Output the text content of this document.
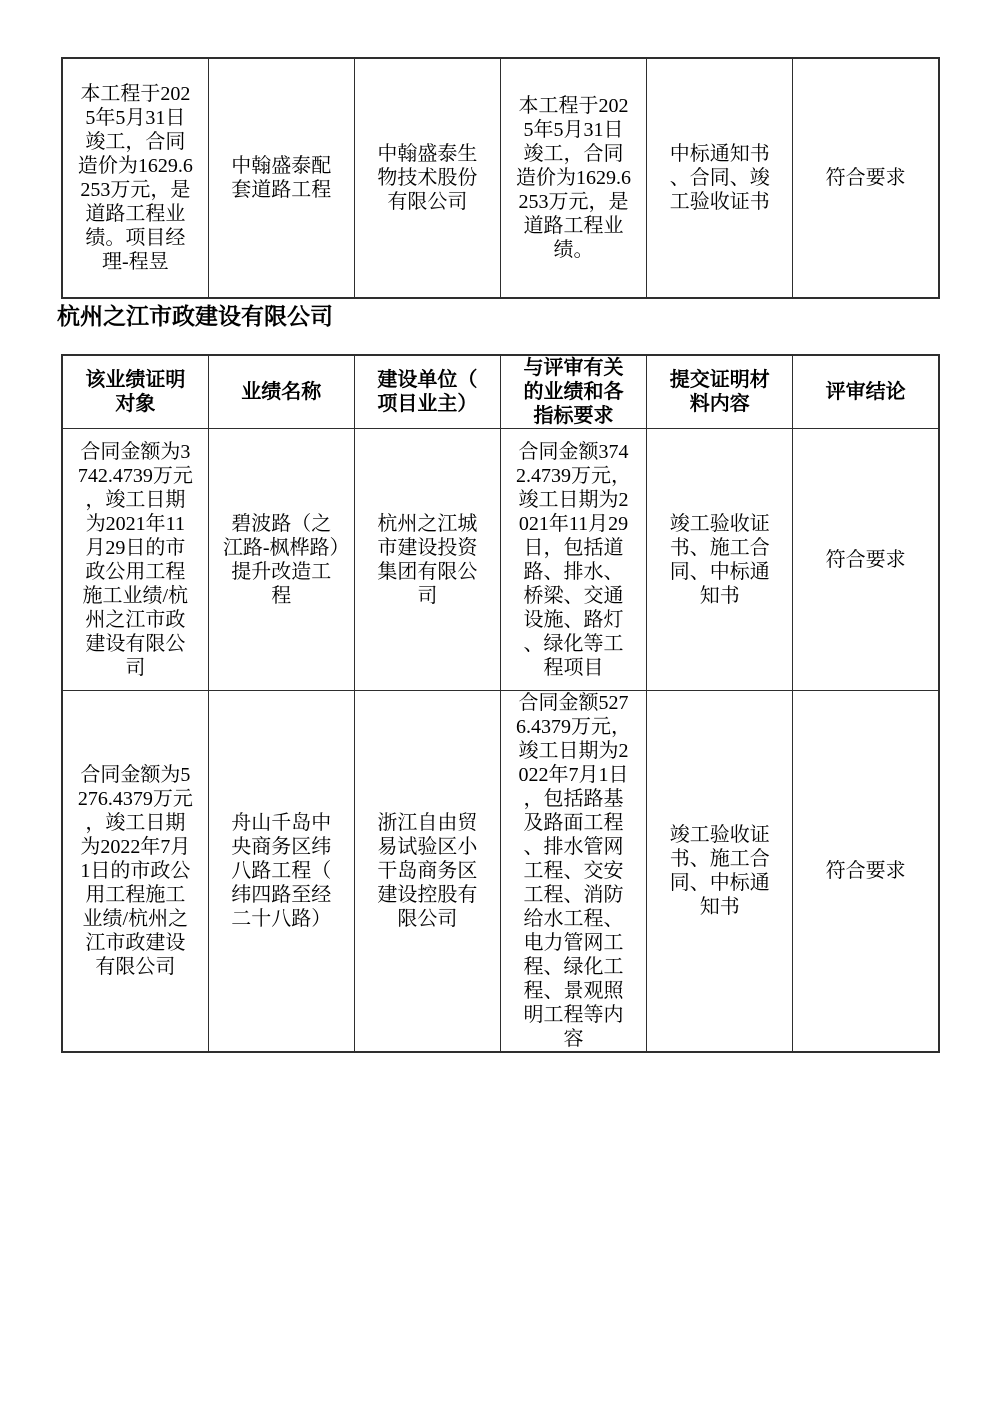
本工程于2025年5月31日竣工，合同造价为1629.6253万元，是道路工程业绩。项目经理-程昱	中翰盛泰配套道路工程	中翰盛泰生物技术股份有限公司	本工程于2025年5月31日竣工，合同造价为1629.6253万元，是道路工程业绩。	中标通知书、合同、竣工验收证书	符合要求
杭州之江市政建设有限公司
该业绩证明对象	业绩名称	建设单位（项目业主）	与评审有关的业绩和各指标要求	提交证明材料内容	评审结论
合同金额为3742.4739万元，竣工日期为2021年11月29日的市政公用工程施工业绩/杭州之江市政建设有限公司	碧波路（之江路-枫桦路）提升改造工程	杭州之江城市建设投资集团有限公司	合同金额3742.4739万元，竣工日期为2021年11月29日，包括道路、排水、桥梁、交通设施、路灯、绿化等工程项目	竣工验收证书、施工合同、中标通知书	符合要求
合同金额为5276.4379万元，竣工日期为2022年7月1日的市政公用工程施工业绩/杭州之江市政建设有限公司	舟山千岛中央商务区纬八路工程（纬四路至经二十八路）	浙江自由贸易试验区小干岛商务区建设控股有限公司	合同金额5276.4379万元，竣工日期为2022年7月1日，包括路基及路面工程、排水管网工程、交安工程、消防给水工程、电力管网工程、绿化工程、景观照明工程等内容	竣工验收证书、施工合同、中标通知书	符合要求
